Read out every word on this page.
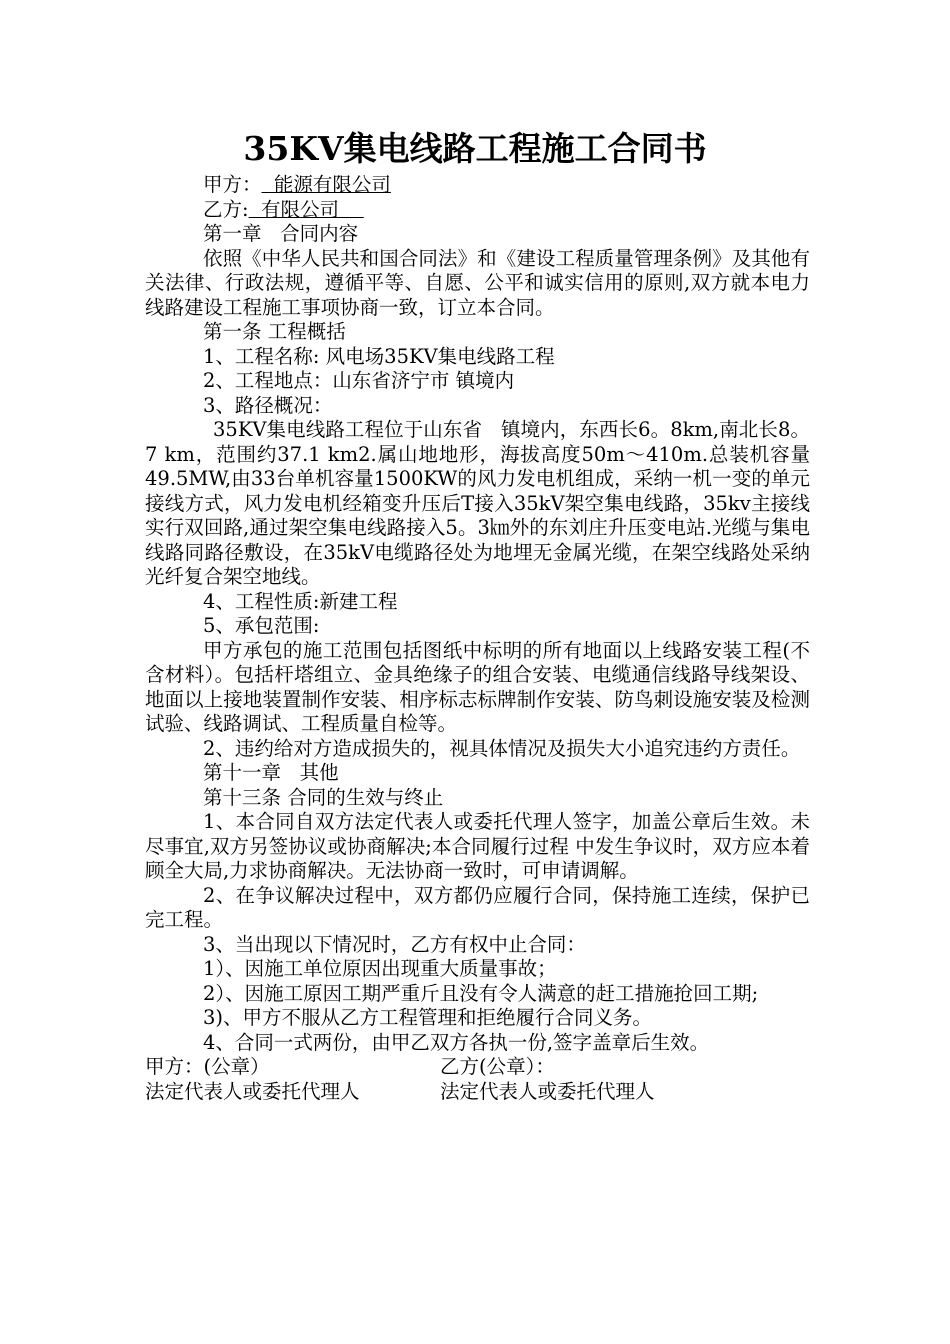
35KV集电线路工程施工合同书

甲方：  能源有限公司

乙方:  有限公司

第一章   合同内容

依照《中华人民共和国合同法》和《建设工程质量管理条例》及其他有关法律、行政法规，遵循平等、自愿、公平和诚实信用的原则,双方就本电力线路建设工程施工事项协商一致，订立本合同。

第一条 工程概括

1、工程名称: 风电场35KV集电线路工程

2、工程地点：山东省济宁市 镇境内

3、路径概况：

35KV集电线路工程位于山东省   镇境内，东西长6。8km,南北长8。7 km，范围约37.1 km2.属山地地形，海拔高度50m～410m.总装机容量49.5MW,由33台单机容量1500KW的风力发电机组成，采纳一机一变的单元接线方式，风力发电机经箱变升压后T接入35kV架空集电线路，35kv主接线实行双回路,通过架空集电线路接入5。3㎞外的东刘庄升压变电站.光缆与集电线路同路径敷设，在35kV电缆路径处为地埋无金属光缆，在架空线路处采纳光纤复合架空地线。

4、工程性质:新建工程

5、承包范围:

甲方承包的施工范围包括图纸中标明的所有地面以上线路安装工程(不含材料）。包括杆塔组立、金具绝缘子的组合安装、电缆通信线路导线架设、地面以上接地装置制作安装、相序标志标牌制作安装、防鸟刺设施安装及检测试验、线路调试、工程质量自检等。

2、违约给对方造成损失的，视具体情况及损失大小追究违约方责任。

第十一章   其他

第十三条 合同的生效与终止

1、本合同自双方法定代表人或委托代理人签字，加盖公章后生效。未尽事宜,双方另签协议或协商解决;本合同履行过程 中发生争议时，双方应本着顾全大局,力求协商解决。无法协商一致时，可申请调解。

2、在争议解决过程中，双方都仍应履行合同，保持施工连续，保护已完工程。

3、当出现以下情况时，乙方有权中止合同：

1）、因施工单位原因出现重大质量事故；

2）、因施工原因工期严重斤且没有令人满意的赶工措施抢回工期;

3)、甲方不服从乙方工程管理和拒绝履行合同义务。

4、合同一式两份，由甲乙双方各执一份,签字盖章后生效。

甲方：(公章）	乙方(公章）：
法定代表人或委托代理人	法定代表人或委托代理人
